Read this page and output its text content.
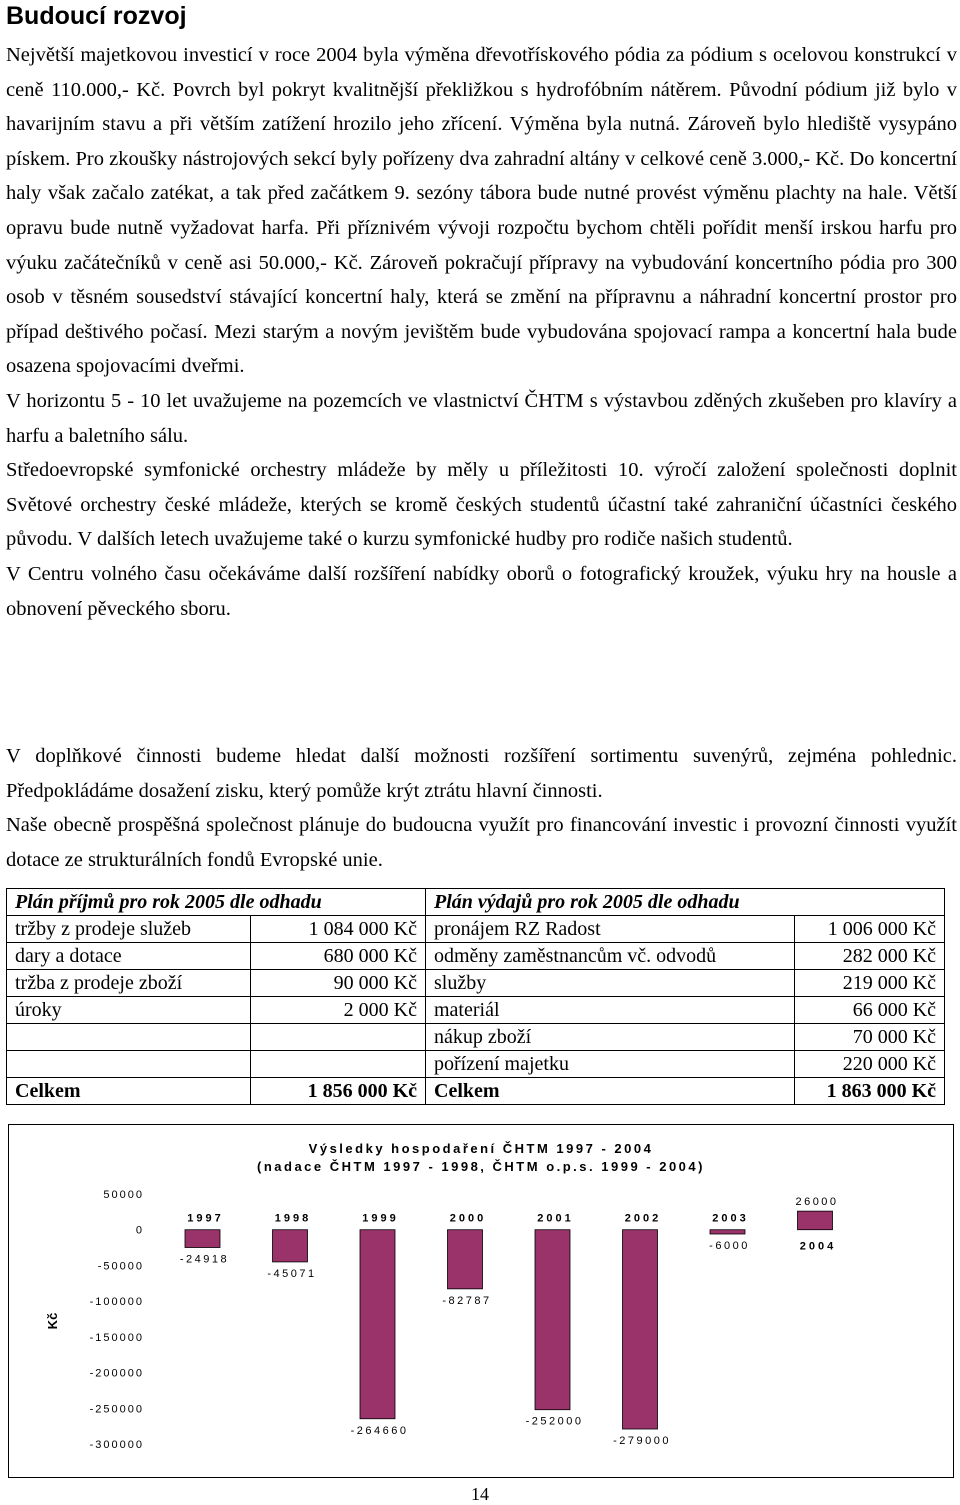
Budoucí rozvoj

Největší majetkovou investicí v roce 2004 byla výměna dřevotřískového pódia za pódium s ocelovou konstrukcí v ceně 110.000,- Kč. Povrch byl pokryt kvalitnější překližkou s hydrofóbním nátěrem. Původní pódium již bylo v havarijním stavu a při větším zatížení hrozilo jeho zřícení. Výměna byla nutná. Zároveň bylo hlediště vysypáno pískem. Pro zkoušky nástrojových sekcí byly pořízeny dva zahradní altány v celkové ceně 3.000,- Kč. Do koncertní haly však začalo zatékat, a tak před začátkem 9. sezóny tábora bude nutné provést výměnu plachty na hale. Větší opravu bude nutně vyžadovat harfa. Při příznivém vývoji rozpočtu bychom chtěli pořídit menší irskou harfu pro výuku začátečníků v ceně asi 50.000,- Kč. Zároveň pokračují přípravy na vybudování koncertního pódia pro 300 osob v těsném sousedství stávající koncertní haly, která se změní na přípravnu a náhradní koncertní prostor pro případ deštivého počasí. Mezi starým a novým jevištěm bude vybudována spojovací rampa a koncertní hala bude osazena spojovacími dveřmi.

V horizontu 5 - 10 let uvažujeme na pozemcích ve vlastnictví ČHTM s výstavbou zděných zkušeben pro klavíry a harfu a baletního sálu.

Středoevropské symfonické orchestry mládeže by měly u příležitosti 10. výročí založení společnosti doplnit Světové orchestry české mládeže, kterých se kromě českých studentů účastní také zahraniční účastníci českého původu. V dalších letech uvažujeme také o kurzu symfonické hudby pro rodiče našich studentů.

V Centru volného času očekáváme další rozšíření nabídky oborů o fotografický kroužek, výuku hry na housle a obnovení pěveckého sboru.

V doplňkové činnosti budeme hledat další možnosti rozšíření sortimentu suvenýrů, zejména pohlednic. Předpokládáme dosažení zisku, který pomůže krýt ztrátu hlavní činnosti.

Naše obecně prospěšná společnost plánuje do budoucna využít pro financování investic i provozní činnosti využít dotace ze strukturálních fondů Evropské unie.

Plán příjmů pro rok 2005 dle odhadu		Plán výdajů pro rok 2005 dle odhadu	
tržby z prodeje služeb	1 084 000 Kč	pronájem RZ Radost	1 006 000 Kč
dary a dotace	680 000 Kč	odměny zaměstnancům vč. odvodů	282 000 Kč
tržba z prodeje zboží	90 000 Kč	služby	219 000 Kč
úroky	2 000 Kč	materiál	66 000 Kč
		nákup zboží	70 000 Kč
		pořízení majetku	220 000 Kč
Celkem	1 856 000 Kč	Celkem	1 863 000 Kč
Výsledky hospodaření ČHTM 1997 - 2004
(nadace ČHTM 1997 - 1998, ČHTM o.p.s. 1999 - 2004)
Kč
50000
0
-50000
-100000
-150000
-200000
-250000
-300000
1997
-24918
1998
-45071
1999
-264660
2000
-82787
2001
-252000
2002
-279000
2003
-6000	2004
26000
14
